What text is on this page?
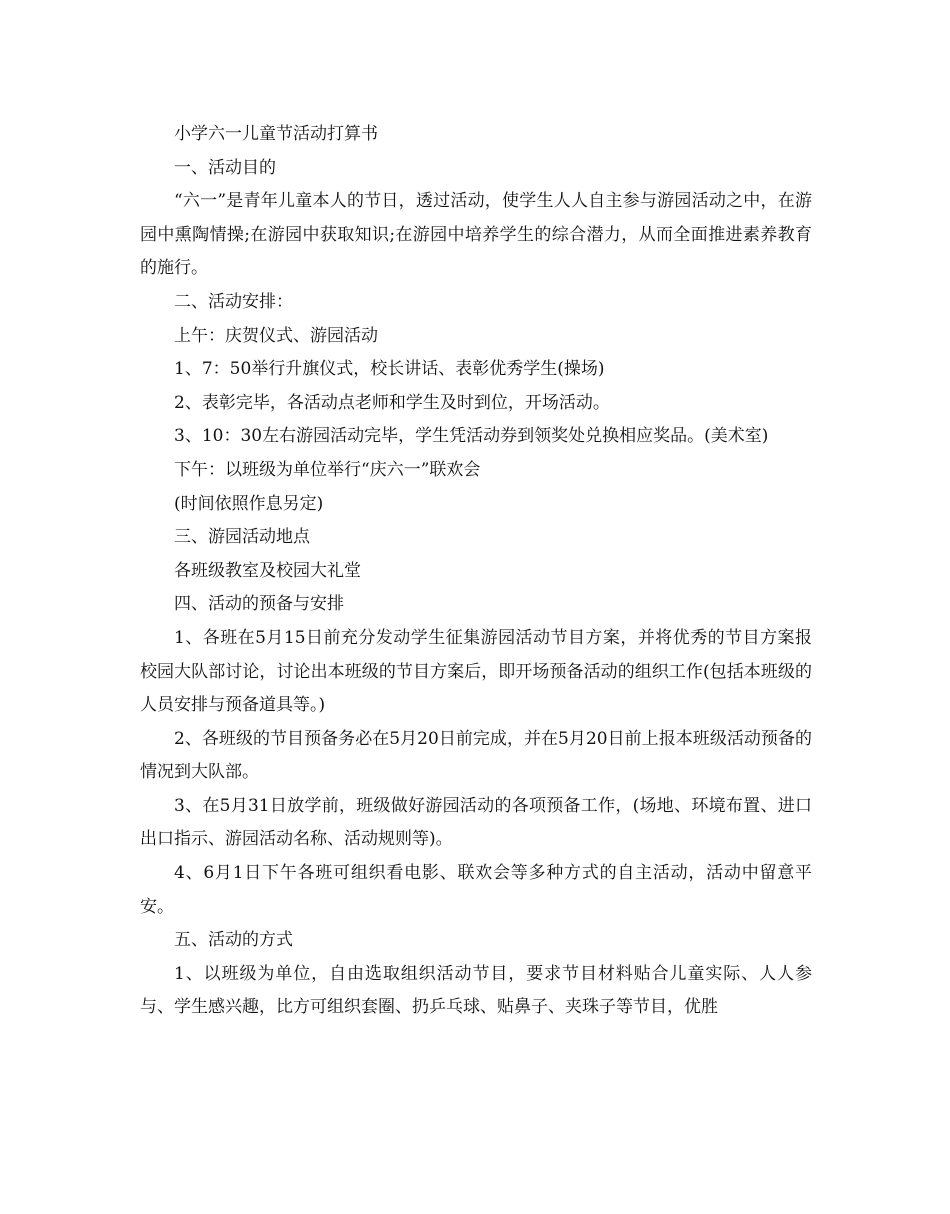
小学六一儿童节活动打算书

一、活动目的

“六一”是青年儿童本人的节日，透过活动，使学生人人自主参与游园活动之中，在游园中熏陶情操;在游园中获取知识;在游园中培养学生的综合潜力，从而全面推进素养教育的施行。

二、活动安排：

上午：庆贺仪式、游园活动

1、7：50举行升旗仪式，校长讲话、表彰优秀学生(操场)

2、表彰完毕，各活动点老师和学生及时到位，开场活动。

3、10：30左右游园活动完毕，学生凭活动券到领奖处兑换相应奖品。(美术室)

下午：以班级为单位举行“庆六一”联欢会

(时间依照作息另定)

三、游园活动地点

各班级教室及校园大礼堂

四、活动的预备与安排

1、各班在5月15日前充分发动学生征集游园活动节目方案，并将优秀的节目方案报校园大队部讨论，讨论出本班级的节目方案后，即开场预备活动的组织工作(包括本班级的人员安排与预备道具等。)

2、各班级的节目预备务必在5月20日前完成，并在5月20日前上报本班级活动预备的情况到大队部。

3、在5月31日放学前，班级做好游园活动的各项预备工作，(场地、环境布置、进口出口指示、游园活动名称、活动规则等)。

4、6月1日下午各班可组织看电影、联欢会等多种方式的自主活动，活动中留意平安。

五、活动的方式

1、以班级为单位，自由选取组织活动节目，要求节目材料贴合儿童实际、人人参与、学生感兴趣，比方可组织套圈、扔乒乓球、贴鼻子、夹珠子等节目，优胜
